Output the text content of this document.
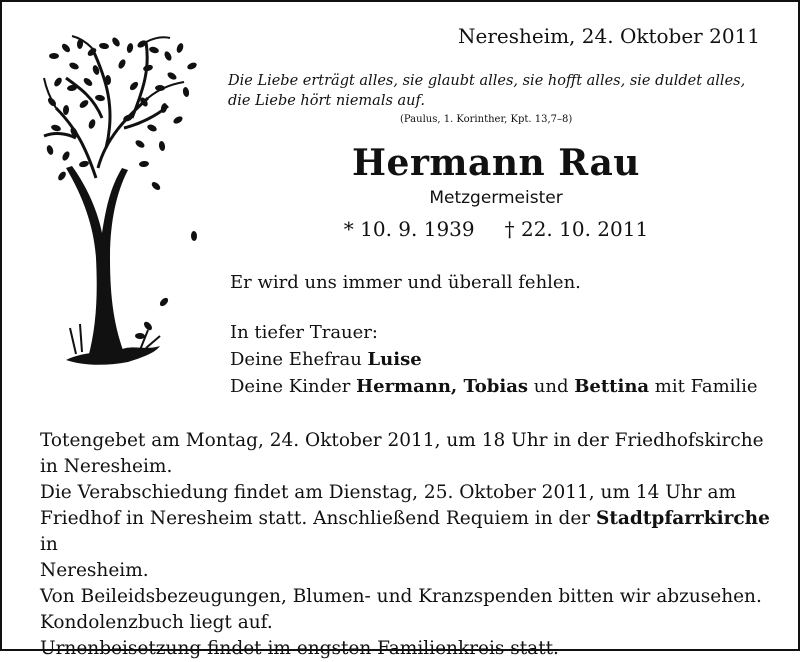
Neresheim, 24. Oktober 2011
Die Liebe erträgt alles, sie glaubt alles, sie hofft alles, sie duldet alles,
die Liebe hört niemals auf.
(Paulus, 1. Korinther, Kpt. 13,7–8)
Hermann Rau
Metzgermeister
* 10. 9. 1939 † 22. 10. 2011
Er wird uns immer und überall fehlen.
In tiefer Trauer:
Deine Ehefrau Luise
Deine Kinder Hermann, Tobias und Bettina mit Familie

Totengebet am Montag, 24. Oktober 2011, um 18 Uhr in der Friedhofskirche

in Neresheim.

Die Verabschiedung findet am Dienstag, 25. Oktober 2011, um 14 Uhr am

Friedhof in Neresheim statt. Anschließend Requiem in der Stadtpfarrkirche in

Neresheim.

Von Beileidsbezeugungen, Blumen- und Kranzspenden bitten wir abzusehen.

Kondolenzbuch liegt auf.

Urnenbeisetzung findet im engsten Familienkreis statt.
